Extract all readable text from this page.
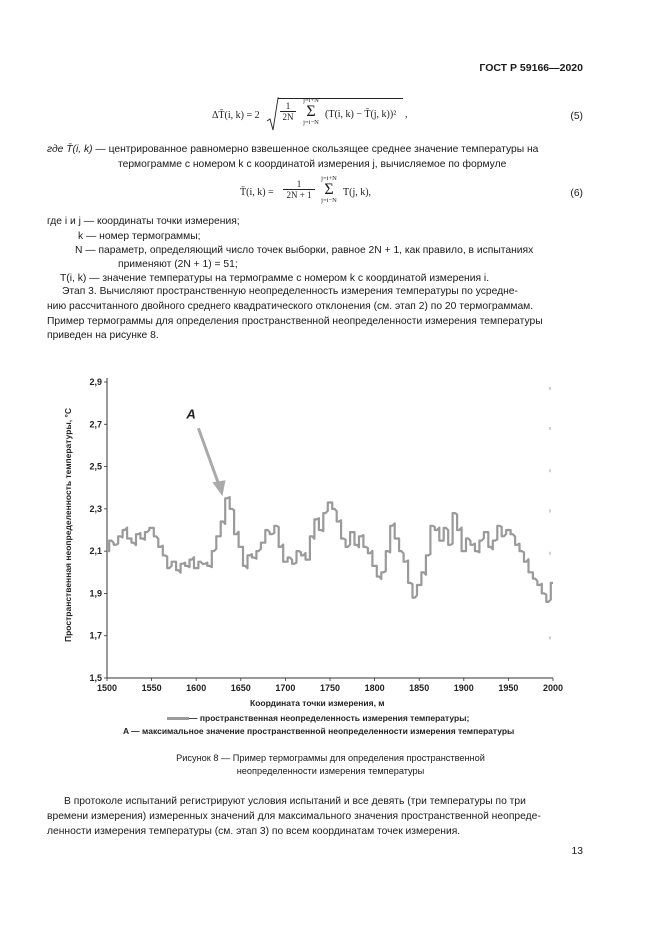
ГОСТ Р 59166—2020
ΔT̄(i, $k) = 2 \frac{1}{2N}$
j=i+N
Σ
j=i−N
(T(i, k) − T̄(j, k))² ,	(5)
где T̄(i, k) — центрированное равномерно взвешенное скользящее среднее значение температуры на
термограмме с номером k с координатой измерения j, вычисляемое по формуле
T̄(i, $k) = \frac{1}{2N + 1}$
j=i+N
Σ
j=i−N
T(j, k),	(6)
где i и j — координаты точки измерения;
k — номер термограммы;
N — параметр, определяющий число точек выборки, равное 2N + 1, как правило, в испытаниях
применяют (2N + 1) = 51;
T(i, k) — значение температуры на термограмме с номером k с координатой измерения i.
Этап 3. Вычисляют пространственную неопределенность измерения температуры по усредне-
нию рассчитанного двойного среднего квадратического отклонения (см. этап 2) по 20 термограммам.
Пример термограммы для определения пространственной неопределенности измерения температуры
приведен на рисунке 8.
1500	1550	1600	1650	1700	1750	1800	1850	1900	1950	2000
2,9
2,7
2,5
2,3
2,1
1,9
1,7
1,5
A
Пространственная неопределенность температуры, °С
Координата точки измерения, м
— пространственная неопределенность измерения температуры;
A — максимальное значение пространственной неопределенности измерения температуры
Рисунок 8 — Пример термограммы для определения пространственной
неопределенности измерения температуры
В протоколе испытаний регистрируют условия испытаний и все девять (три температуры по три
времени измерения) измеренных значений для максимального значения пространственной неопреде-
ленности измерения температуры (см. этап 3) по всем координатам точек измерения.
13
